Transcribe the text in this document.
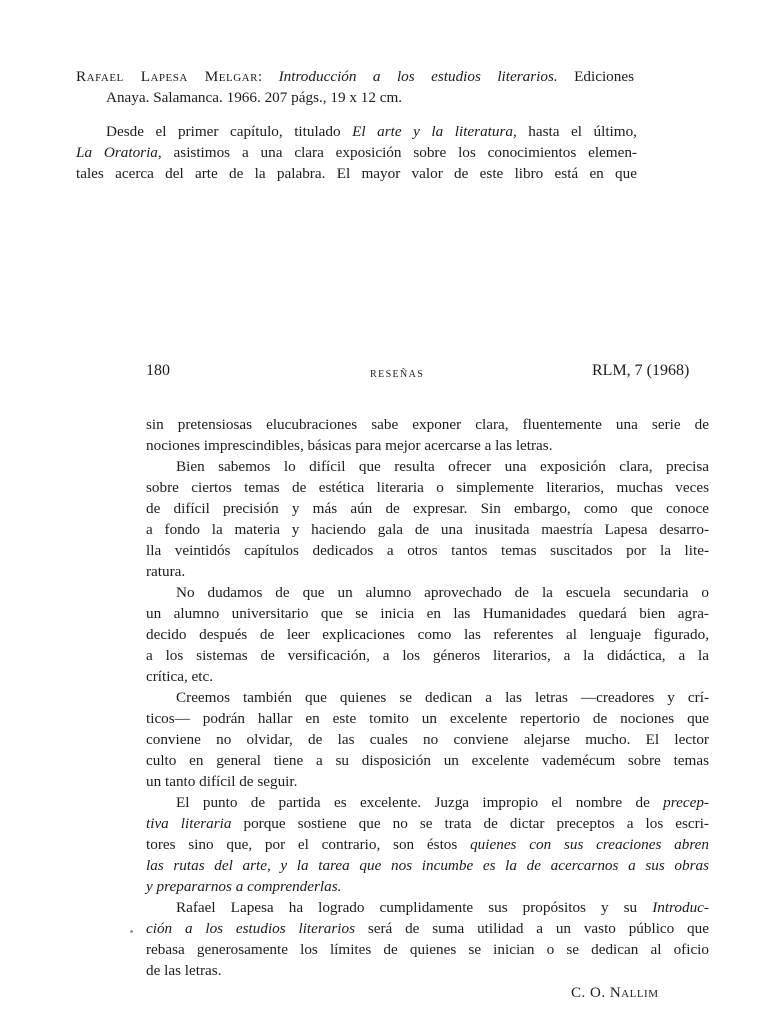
Rafael Lapesa Melgar: Introducción a los estudios literarios. Ediciones
Anaya. Salamanca. 1966. 207 págs., 19 x 12 cm.
Desde el primer capítulo, titulado El arte y la literatura, hasta el último,
La Oratoria, asistimos a una clara exposición sobre los conocimientos elemen-
tales acerca del arte de la palabra. El mayor valor de este libro está en que
180	RESEÑAS	RLM, 7 (1968)
sin pretensiosas elucubraciones sabe exponer clara, fluentemente una serie de
nociones imprescindibles, básicas para mejor acercarse a las letras.
Bien sabemos lo difícil que resulta ofrecer una exposición clara, precisa
sobre ciertos temas de estética literaria o simplemente literarios, muchas veces
de difícil precisión y más aún de expresar. Sin embargo, como que conoce
a fondo la materia y haciendo gala de una inusitada maestría Lapesa desarro-
lla veintidós capítulos dedicados a otros tantos temas suscitados por la lite-
ratura.
No dudamos de que un alumno aprovechado de la escuela secundaria o
un alumno universitario que se inicia en las Humanidades quedará bien agra-
decido después de leer explicaciones como las referentes al lenguaje figurado,
a los sistemas de versificación, a los géneros literarios, a la didáctica, a la
crítica, etc.
Creemos también que quienes se dedican a las letras —creadores y crí-
ticos— podrán hallar en este tomito un excelente repertorio de nociones que
conviene no olvidar, de las cuales no conviene alejarse mucho. El lector
culto en general tiene a su disposición un excelente vademécum sobre temas
un tanto difícil de seguir.
El punto de partida es excelente. Juzga impropio el nombre de precep-
tiva literaria porque sostiene que no se trata de dictar preceptos a los escri-
tores sino que, por el contrario, son éstos quienes con sus creaciones abren
las rutas del arte, y la tarea que nos incumbe es la de acercarnos a sus obras
y prepararnos a comprenderlas.
Rafael Lapesa ha logrado cumplidamente sus propósitos y su Introduc-
ción a los estudios literarios será de suma utilidad a un vasto público que
rebasa generosamente los límites de quienes se inician o se dedican al oficio
de las letras.
C. O. Nallim
